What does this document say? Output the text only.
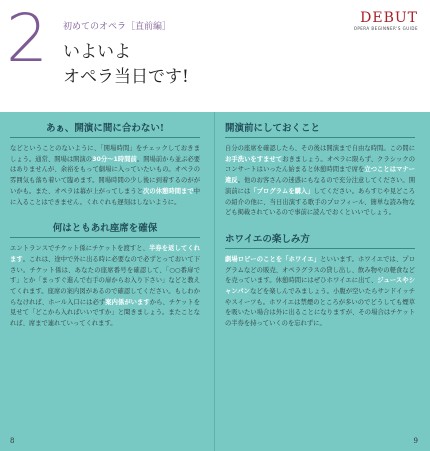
2 初めてのオペラ［直前編］
いよいよ
オペラ当日です!
DEBUT
OPERA BEGINNER'S GUIDE
あぁ、開演に間に合わない!

などということのないように、「開場時間」をチェックしておきましょう。通常、開場は開演の30分〜1時間前。開場前から並ぶ必要はありませんが、余裕をもって劇場に入っていたいもの。オペラの雰囲気も落ち着いて臨めます。開場時間の少し後に到着するのががいかも。また、オペラは幕が上がってしまうと次の休憩時間まで中に入ることはできません。くれぐれも遅刻はしないように。

何はともあれ座席を確保

エントランスでチケット係にチケットを渡すと、半券を返してくれます。これは、途中で外に出る時に必要なので必ずとっておいて下さい。チケット係は、あなたの座席番号を確認して、「○○番扉です」とか「まっすぐ進んで右手の扉からお入り下さい」などと教えてくれます。座席の案内図があるので確認してください。もしわからなければ、ホール入口には必ず案内係がいますから、チケットを見せて「どこから入ればいいですか」と聞きましょう。またことなれば、席まで連れていってくれます。

開演前にしておくこと

自分の座席を確認したら、その後は開演まで自由な時間。この間にお手洗いをすませておきましょう。オペラに限らず、クラシックのコンサートはいったん始まると休憩時間まで席を立つことはマナー違反。他のお客さんの迷惑にもなるので充分注意してください。開演前には「プログラムを購入」してください。あらすじや見どころの紹介の他に、当日出演する歌手のプロフィール、簡単な読み物なども掲載されているので事前に読んでおくといいでしょう。

ホワイエの楽しみ方

劇場ロビーのことを「ホワイエ」といいます。ホワイエでは、プログラムなどの販売、オペラグラスの貸し出し、飲み物やの軽食などを売っています。休憩時間にはぜひホワイエに出て、ジュースやシャンパンなどを楽しんでみましょう。小腹が空いたらサンドイッチやスイーツも。ホワイエは禁煙のところが多いのでどうしても煙草を吸いたい場合は外に出ることになりますが、その場合はチケットの半券を持っていくのを忘れずに。

8	9
